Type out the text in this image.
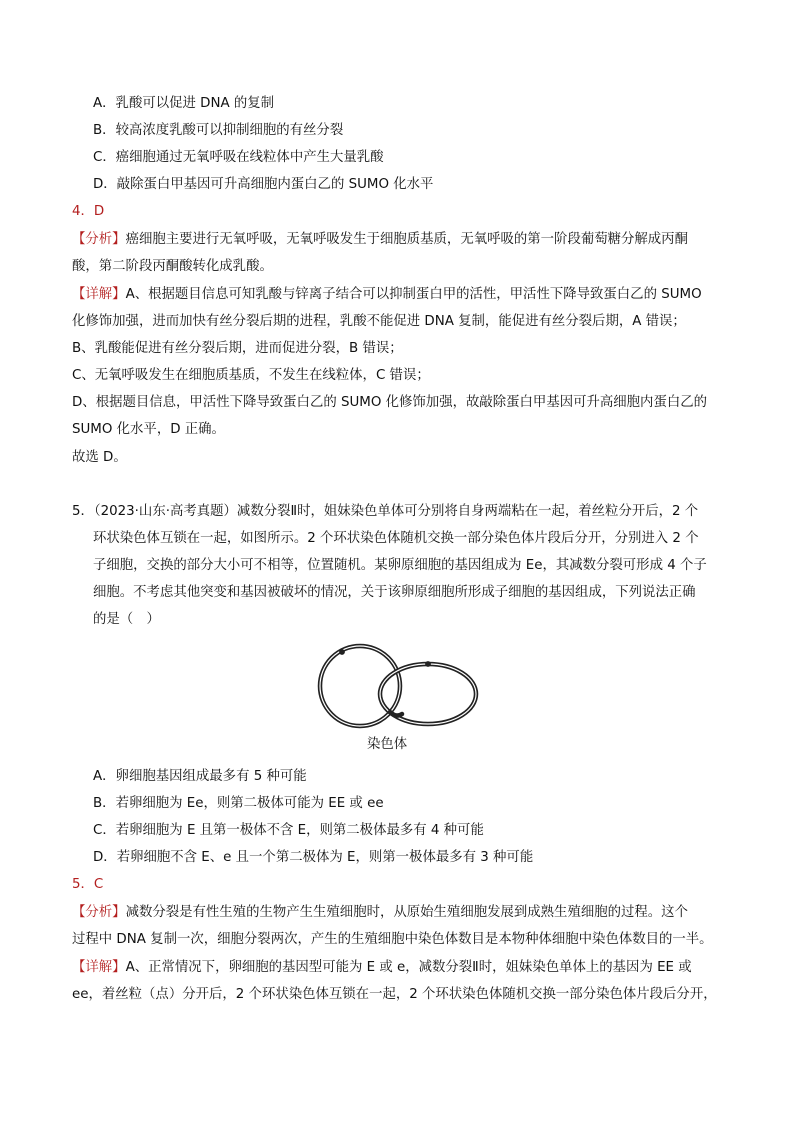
A．乳酸可以促进 DNA 的复制
B．较高浓度乳酸可以抑制细胞的有丝分裂
C．癌细胞通过无氧呼吸在线粒体中产生大量乳酸
D．敲除蛋白甲基因可升高细胞内蛋白乙的 SUMO 化水平
4．D
【分析】癌细胞主要进行无氧呼吸，无氧呼吸发生于细胞质基质，无氧呼吸的第一阶段葡萄糖分解成丙酮
酸，第二阶段丙酮酸转化成乳酸。
【详解】A、根据题目信息可知乳酸与锌离子结合可以抑制蛋白甲的活性，甲活性下降导致蛋白乙的 SUMO
化修饰加强，进而加快有丝分裂后期的进程，乳酸不能促进 DNA 复制，能促进有丝分裂后期，A 错误；
B、乳酸能促进有丝分裂后期，进而促进分裂，B 错误；
C、无氧呼吸发生在细胞质基质，不发生在线粒体，C 错误；
D、根据题目信息，甲活性下降导致蛋白乙的 SUMO 化修饰加强，故敲除蛋白甲基因可升高细胞内蛋白乙的
SUMO 化水平，D 正确。
故选 D。
5．（2023·山东·高考真题）减数分裂Ⅱ时，姐妹染色单体可分别将自身两端粘在一起，着丝粒分开后，2 个
环状染色体互锁在一起，如图所示。2 个环状染色体随机交换一部分染色体片段后分开，分别进入 2 个
子细胞，交换的部分大小可不相等，位置随机。某卵原细胞的基因组成为 Ee，其减数分裂可形成 4 个子
细胞。不考虑其他突变和基因被破坏的情况，关于该卵原细胞所形成子细胞的基因组成，下列说法正确
的是（　）
染色体
A．卵细胞基因组成最多有 5 种可能
B．若卵细胞为 Ee，则第二极体可能为 EE 或 ee
C．若卵细胞为 E 且第一极体不含 E，则第二极体最多有 4 种可能
D．若卵细胞不含 E、e 且一个第二极体为 E，则第一极体最多有 3 种可能
5．C
【分析】减数分裂是有性生殖的生物产生生殖细胞时，从原始生殖细胞发展到成熟生殖细胞的过程。这个
过程中 DNA 复制一次，细胞分裂两次，产生的生殖细胞中染色体数目是本物种体细胞中染色体数目的一半。
【详解】A、正常情况下，卵细胞的基因型可能为 E 或 e，减数分裂Ⅱ时，姐妹染色单体上的基因为 EE 或
ee，着丝粒（点）分开后，2 个环状染色体互锁在一起，2 个环状染色体随机交换一部分染色体片段后分开，
